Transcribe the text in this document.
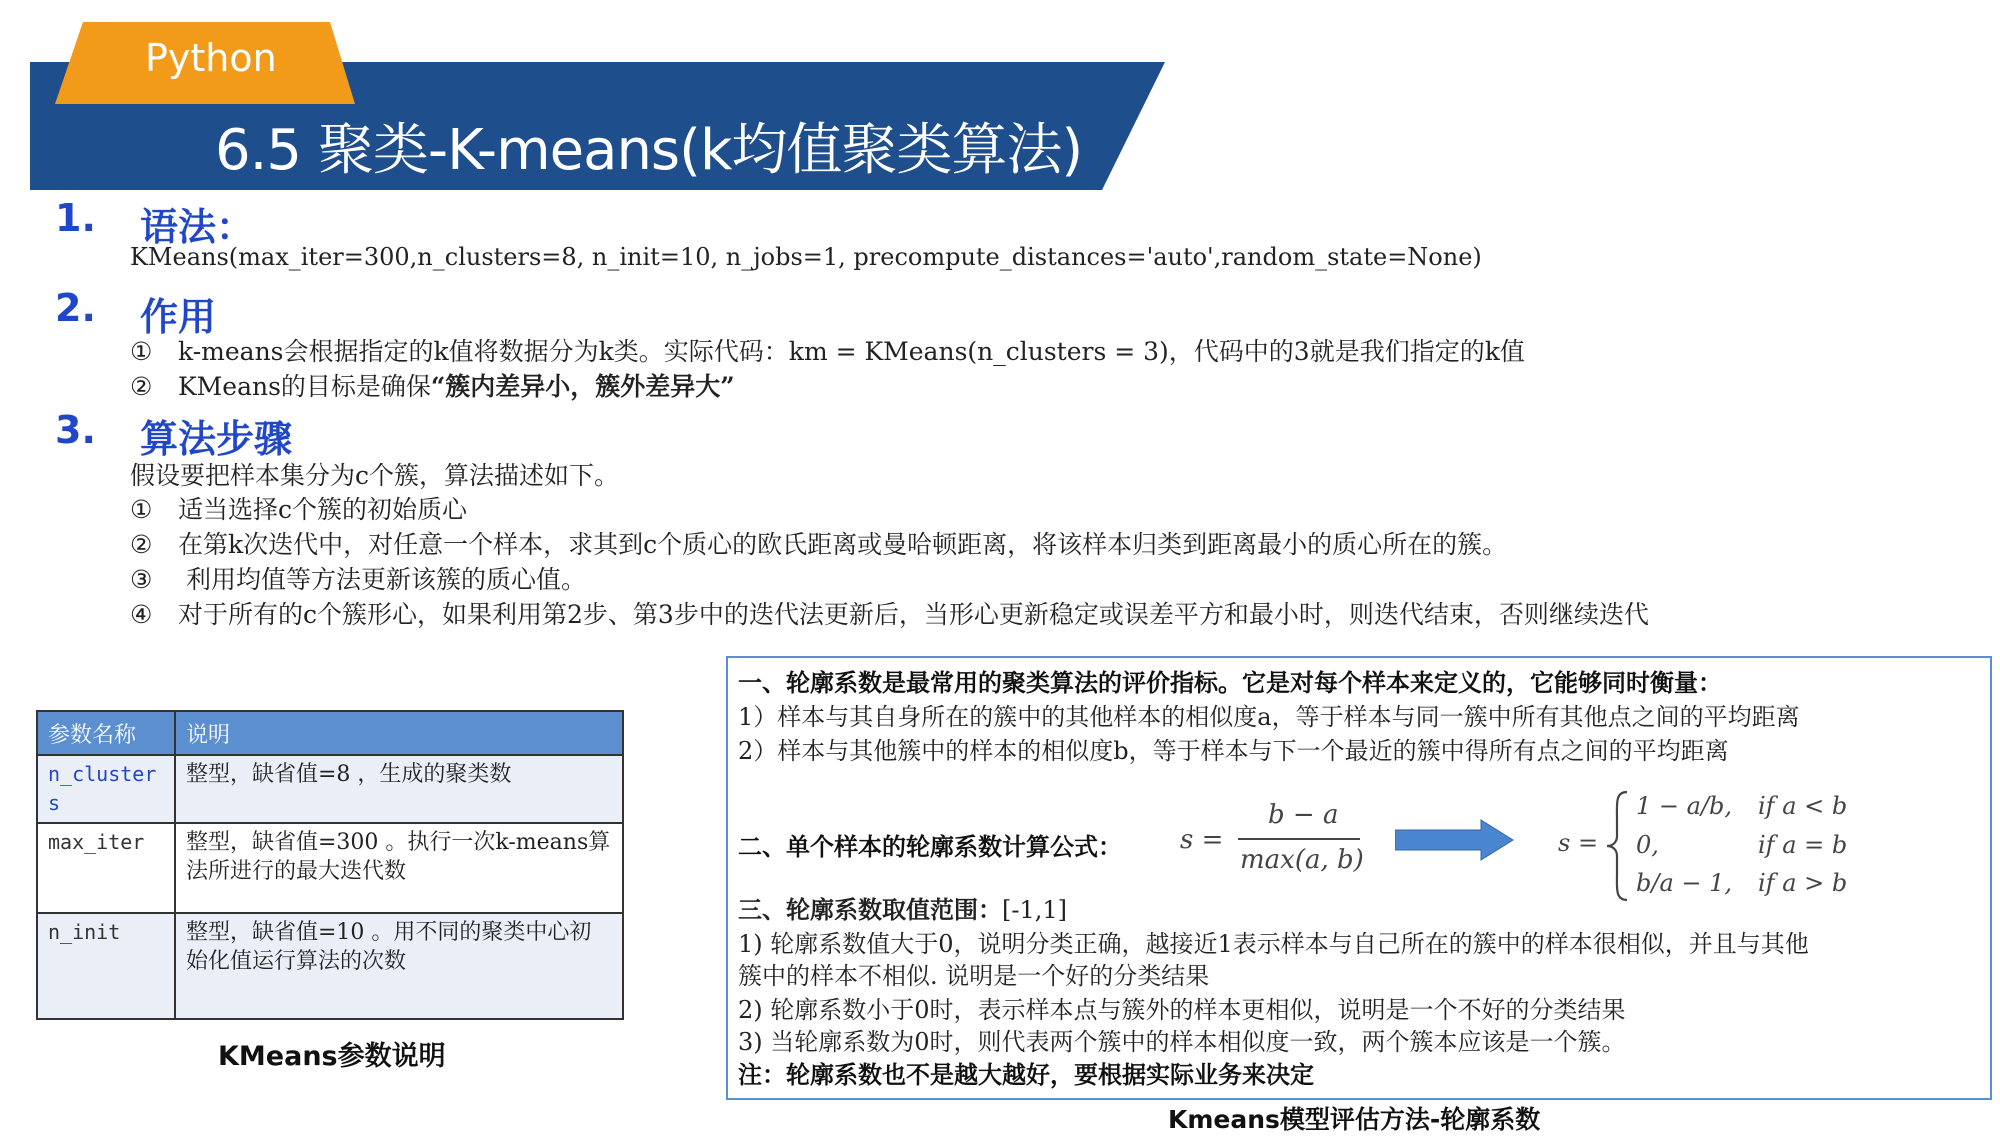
Python
6.5 聚类-K-means(k均值聚类算法)
1. 语法：
KMeans(max_iter=300,n_clusters=8, n_init=10, n_jobs=1, precompute_distances='auto',random_state=None)
2. 作用
① k-means会根据指定的k值将数据分为k类。实际代码：km = KMeans(n_clusters = 3)，代码中的3就是我们指定的k值
② KMeans的目标是确保“簇内差异小，簇外差异大”
3. 算法步骤
假设要把样本集分为c个簇，算法描述如下。
① 适当选择c个簇的初始质心
② 在第k次迭代中，对任意一个样本，求其到c个质心的欧氏距离或曼哈顿距离，将该样本归类到距离最小的质心所在的簇。
③ 利用均值等方法更新该簇的质心值。
④ 对于所有的c个簇形心，如果利用第2步、第3步中的迭代法更新后，当形心更新稳定或误差平方和最小时，则迭代结束，否则继续迭代
参数名称	说明
n_clusters	整型，缺省值=8 ，生成的聚类数
max_iter	整型，缺省值=300 。执行一次k-means算法所进行的最大迭代数
n_init	整型，缺省值=10 。用不同的聚类中心初始化值运行算法的次数
KMeans参数说明
一、轮廓系数是最常用的聚类算法的评价指标。它是对每个样本来定义的，它能够同时衡量：
1）样本与其自身所在的簇中的其他样本的相似度a，等于样本与同一簇中所有其他点之间的平均距离
2）样本与其他簇中的样本的相似度b，等于样本与下一个最近的簇中得所有点之间的平均距离
二、单个样本的轮廓系数计算公式： s =
b − a
max(a, b)
s =
1 − a/b, if a < b
0,	if a = b
b/a − 1, if a > b
三、轮廓系数取值范围：[-1,1]
1) 轮廓系数值大于0，说明分类正确，越接近1表示样本与自己所在的簇中的样本很相似，并且与其他
簇中的样本不相似. 说明是一个好的分类结果
2) 轮廓系数小于0时，表示样本点与簇外的样本更相似，说明是一个不好的分类结果
3) 当轮廓系数为0时，则代表两个簇中的样本相似度一致，两个簇本应该是一个簇。
注：轮廓系数也不是越大越好，要根据实际业务来决定
Kmeans模型评估方法-轮廓系数
